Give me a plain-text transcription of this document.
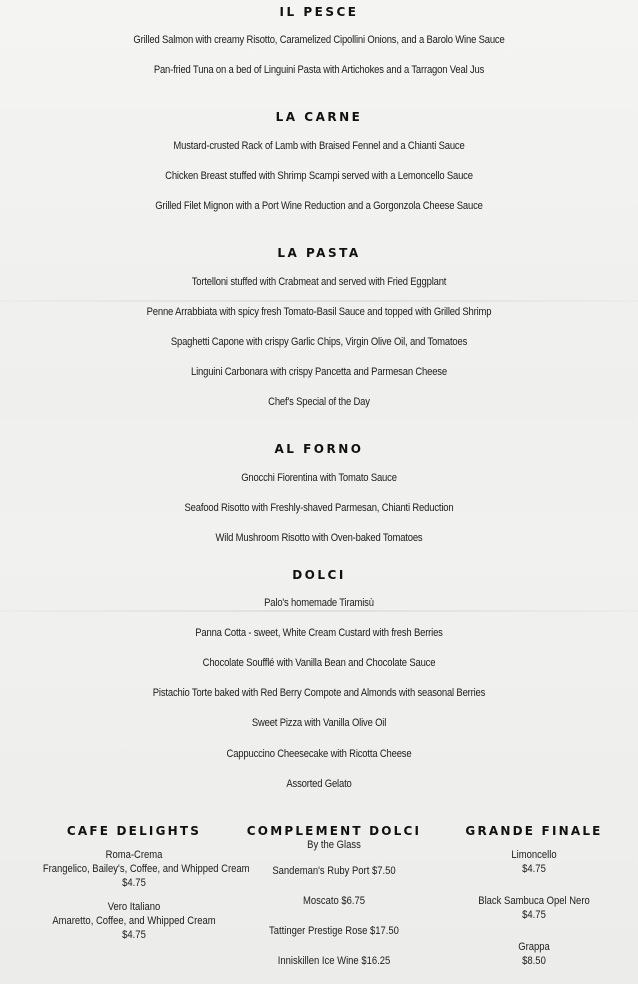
IL PESCE
Grilled Salmon with creamy Risotto, Caramelized Cipollini Onions, and a Barolo Wine Sauce
Pan-fried Tuna on a bed of Linguini Pasta with Artichokes and a Tarragon Veal Jus
LA CARNE
Mustard-crusted Rack of Lamb with Braised Fennel and a Chianti Sauce
Chicken Breast stuffed with Shrimp Scampi served with a Lemoncello Sauce
Grilled Filet Mignon with a Port Wine Reduction and a Gorgonzola Cheese Sauce
LA PASTA
Tortelloni stuffed with Crabmeat and served with Fried Eggplant
Penne Arrabbiata with spicy fresh Tomato-Basil Sauce and topped with Grilled Shrimp
Spaghetti Capone with crispy Garlic Chips, Virgin Olive Oil, and Tomatoes
Linguini Carbonara with crispy Pancetta and Parmesan Cheese
Chef's Special of the Day
AL FORNO
Gnocchi Fiorentina with Tomato Sauce
Seafood Risotto with Freshly-shaved Parmesan, Chianti Reduction
Wild Mushroom Risotto with Oven-baked Tomatoes
DOLCI
Palo's homemade Tiramisù
Panna Cotta - sweet, White Cream Custard with fresh Berries
Chocolate Soufflé with Vanilla Bean and Chocolate Sauce
Pistachio Torte baked with Red Berry Compote and Almonds with seasonal Berries
Sweet Pizza with Vanilla Olive Oil
Cappuccino Cheesecake with Ricotta Cheese
Assorted Gelato
CAFE DELIGHTS
Roma-Crema
Frangelico, Bailey's, Coffee, and Whipped Cream
$4.75
Vero Italiano
Amaretto, Coffee, and Whipped Cream
$4.75
COMPLEMENT DOLCI
By the Glass
Sandeman's Ruby Port $7.50
Moscato $6.75
Tattinger Prestige Rose $17.50
Inniskillen Ice Wine $16.25
GRANDE FINALE
Limoncello
$4.75
Black Sambuca Opel Nero
$4.75
Grappa
$8.50
